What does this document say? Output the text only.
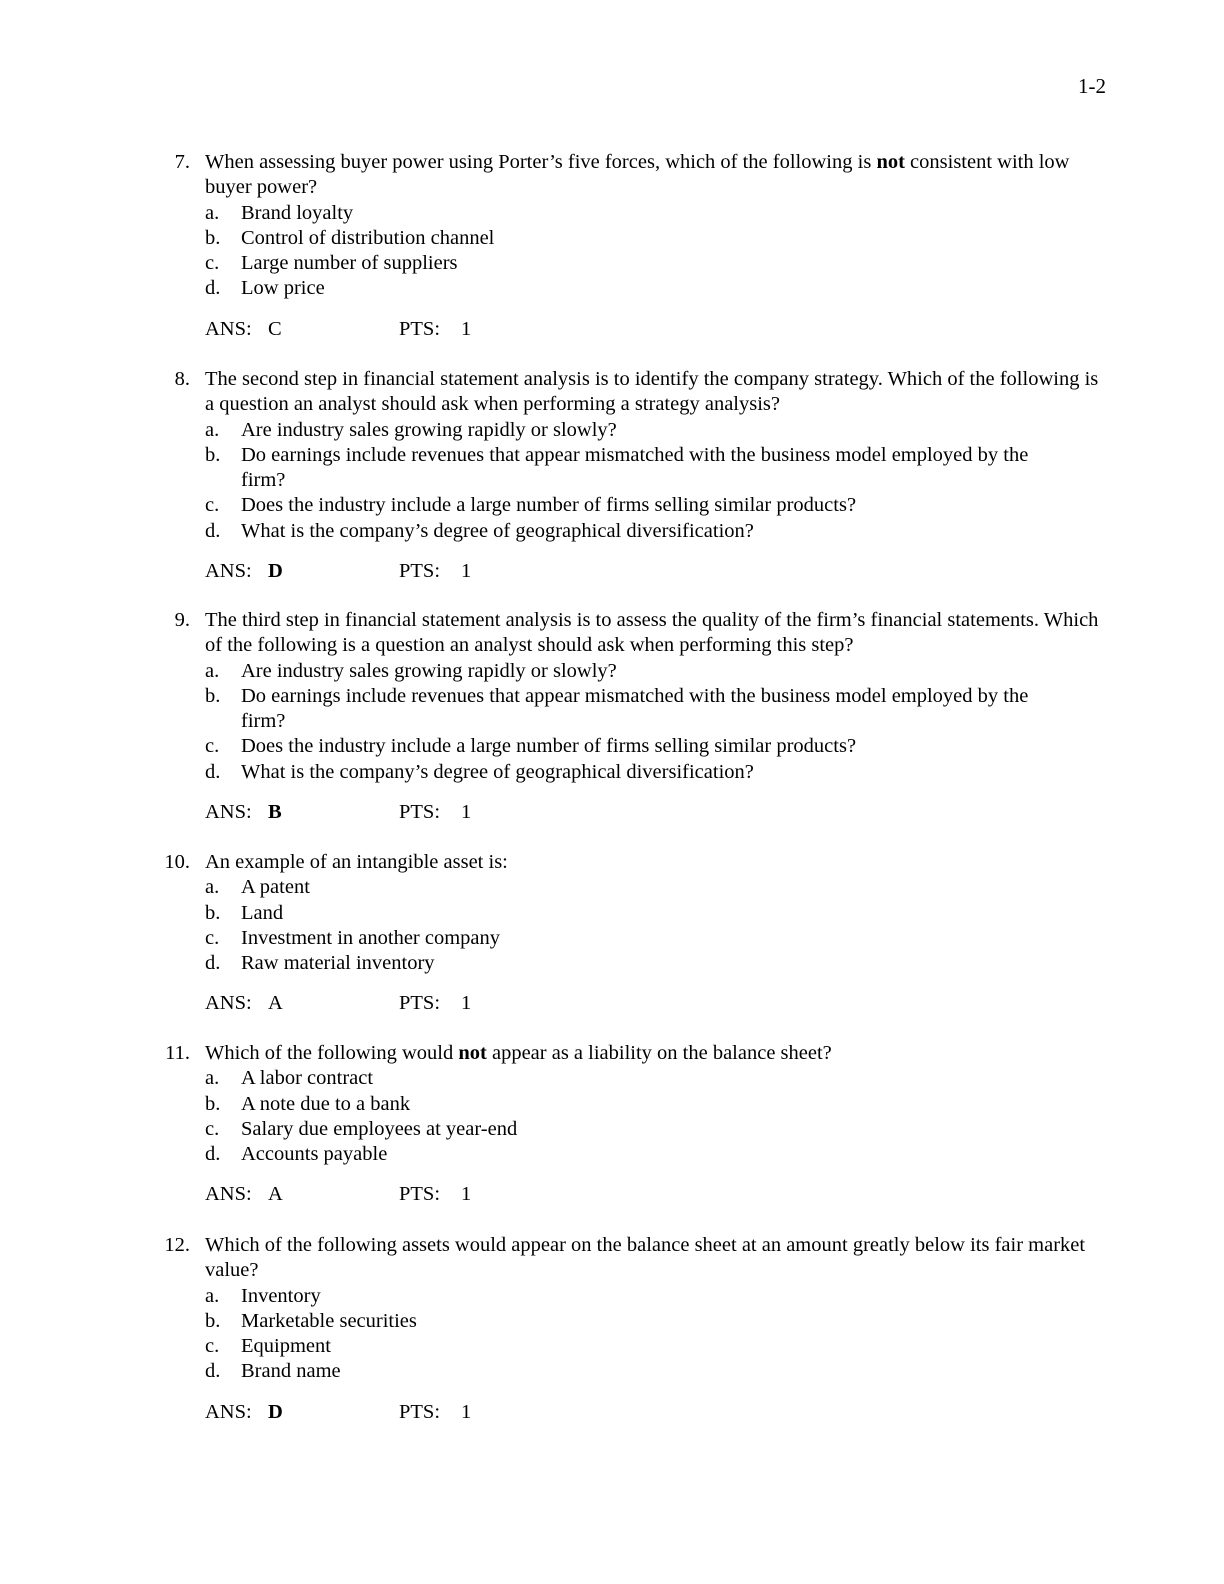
1-2
7. When assessing buyer power using Porter’s five forces, which of the following is not consistent with low buyer power?
a. Brand loyalty
b. Control of distribution channel
c. Large number of suppliers
d. Low price
ANS: C	PTS: 1
8. The second step in financial statement analysis is to identify the company strategy. Which of the following is a question an analyst should ask when performing a strategy analysis?
a. Are industry sales growing rapidly or slowly?
b. Do earnings include revenues that appear mismatched with the business model employed by the firm?
c. Does the industry include a large number of firms selling similar products?
d. What is the company’s degree of geographical diversification?
ANS: D	PTS: 1
9. The third step in financial statement analysis is to assess the quality of the firm’s financial statements. Which of the following is a question an analyst should ask when performing this step?
a. Are industry sales growing rapidly or slowly?
b. Do earnings include revenues that appear mismatched with the business model employed by the firm?
c. Does the industry include a large number of firms selling similar products?
d. What is the company’s degree of geographical diversification?
ANS: B	PTS: 1
10. An example of an intangible asset is:
a. A patent
b. Land
c. Investment in another company
d. Raw material inventory
ANS: A	PTS: 1
11. Which of the following would not appear as a liability on the balance sheet?
a. A labor contract
b. A note due to a bank
c. Salary due employees at year-end
d. Accounts payable
ANS: A	PTS: 1
12. Which of the following assets would appear on the balance sheet at an amount greatly below its fair market value?
a. Inventory
b. Marketable securities
c. Equipment
d. Brand name
ANS: D	PTS: 1
